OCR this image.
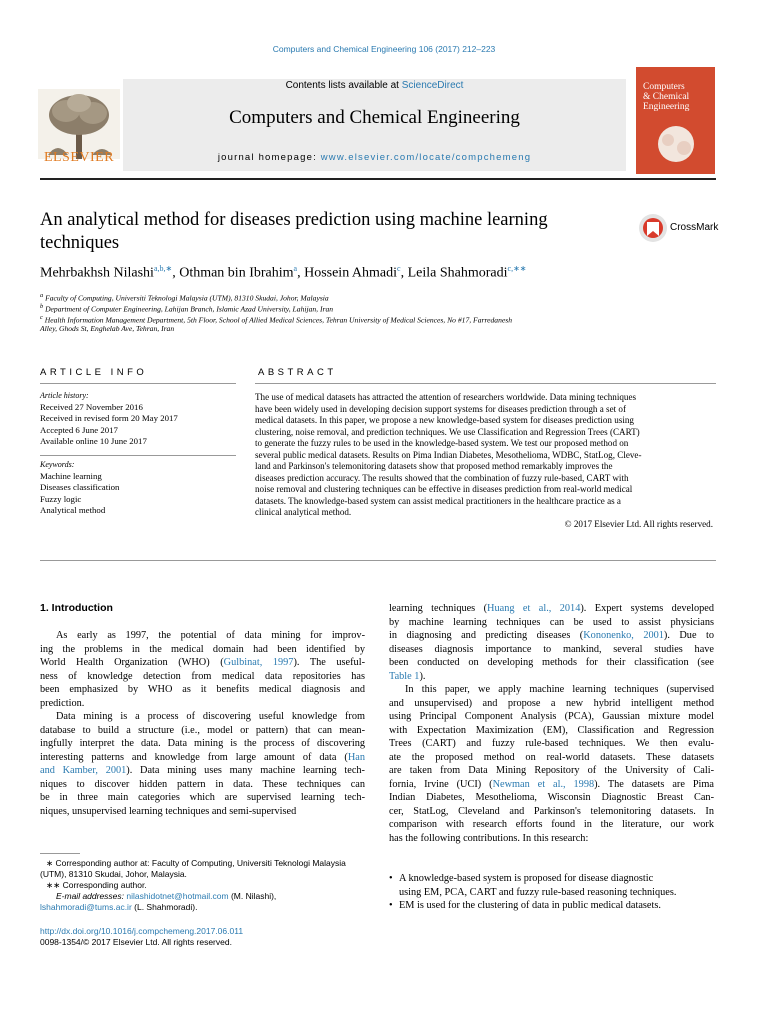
Computers and Chemical Engineering 106 (2017) 212–223
Contents lists available at ScienceDirect
Computers and Chemical Engineering
journal homepage: www.elsevier.com/locate/compchemeng
ELSEVIER
Computers
& Chemical
Engineering
An analytical method for diseases prediction using machine learning
techniques
CrossMark
Mehrbakhsh Nilashi$^{a,b,∗}$, Othman bin Ibrahim$^a$, Hossein Ahmadi$^c$, Leila Shahmoradi$^{c,∗∗}$
$^a$ Faculty of Computing, Universiti Teknologi Malaysia (UTM), 81310 Skudai, Johor, Malaysia
$^b$ Department of Computer Engineering, Lahijan Branch, Islamic Azad University, Lahijan, Iran
$^c$ Health Information Management Department, 5th Floor, School of Allied Medical Sciences, Tehran University of Medical Sciences, No #17, Farredanesh
Alley, Ghods St, Enghelab Ave, Tehran, Iran
ARTICLE INFO
Article history:
Received 27 November 2016
Received in revised form 20 May 2017
Accepted 6 June 2017
Available online 10 June 2017
Keywords:
Machine learning
Diseases classification
Fuzzy logic
Analytical method
ABSTRACT
The use of medical datasets has attracted the attention of researchers worldwide. Data mining techniques
have been widely used in developing decision support systems for diseases prediction through a set of
medical datasets. In this paper, we propose a new knowledge-based system for diseases prediction using
clustering, noise removal, and prediction techniques. We use Classification and Regression Trees (CART)
to generate the fuzzy rules to be used in the knowledge-based system. We test our proposed method on
several public medical datasets. Results on Pima Indian Diabetes, Mesothelioma, WDBC, StatLog, Cleve-
land and Parkinson's telemonitoring datasets show that proposed method remarkably improves the
diseases prediction accuracy. The results showed that the combination of fuzzy rule-based, CART with
noise removal and clustering techniques can be effective in diseases prediction from real-world medical
datasets. The knowledge-based system can assist medical practitioners in the healthcare practice as a
clinical analytical method.
© 2017 Elsevier Ltd. All rights reserved.
1. Introduction
As early as 1997, the potential of data mining for improv-
ing the problems in the medical domain had been identified by
World Health Organization (WHO) (Gulbinat, 1997). The useful-
ness of knowledge detection from medical data repositories has
been emphasized by WHO as it benefits medical diagnosis and
prediction.
Data mining is a process of discovering useful knowledge from
database to build a structure (i.e., model or pattern) that can mean-
ingfully interpret the data. Data mining is the process of discovering
interesting patterns and knowledge from large amount of data (Han
and Kamber, 2001). Data mining uses many machine learning tech-
niques to discover hidden pattern in data. These techniques can
be in three main categories which are supervised learning tech-
niques, unsupervised learning techniques and semi-supervised
learning techniques (Huang et al., 2014). Expert systems developed
by machine learning techniques can be used to assist physicians
in diagnosing and predicting diseases (Kononenko, 2001). Due to
diseases diagnosis importance to mankind, several studies have
been conducted on developing methods for their classification (see
Table 1).
In this paper, we apply machine learning techniques (supervised
and unsupervised) and propose a new hybrid intelligent method
using Principal Component Analysis (PCA), Gaussian mixture model
with Expectation Maximization (EM), Classification and Regression
Trees (CART) and fuzzy rule-based techniques. We then evalu-
ate the proposed method on real-world datasets. These datasets
are taken from Data Mining Repository of the University of Cali-
fornia, Irvine (UCI) (Newman et al., 1998). The datasets are Pima
Indian Diabetes, Mesothelioma, Wisconsin Diagnostic Breast Can-
cer, StatLog, Cleveland and Parkinson's telemonitoring datasets. In
comparison with research efforts found in the literature, our work
has the following contributions. In this research:
• A knowledge-based system is proposed for disease diagnostic
using EM, PCA, CART and fuzzy rule-based reasoning techniques.
• EM is used for the clustering of data in public medical datasets.
∗ Corresponding author at: Faculty of Computing, Universiti Teknologi Malaysia
(UTM), 81310 Skudai, Johor, Malaysia.
∗∗ Corresponding author.
E-mail addresses: nilashidotnet@hotmail.com (M. Nilashi),
lshahmoradi@tums.ac.ir (L. Shahmoradi).
http://dx.doi.org/10.1016/j.compchemeng.2017.06.011
0098-1354/© 2017 Elsevier Ltd. All rights reserved.
